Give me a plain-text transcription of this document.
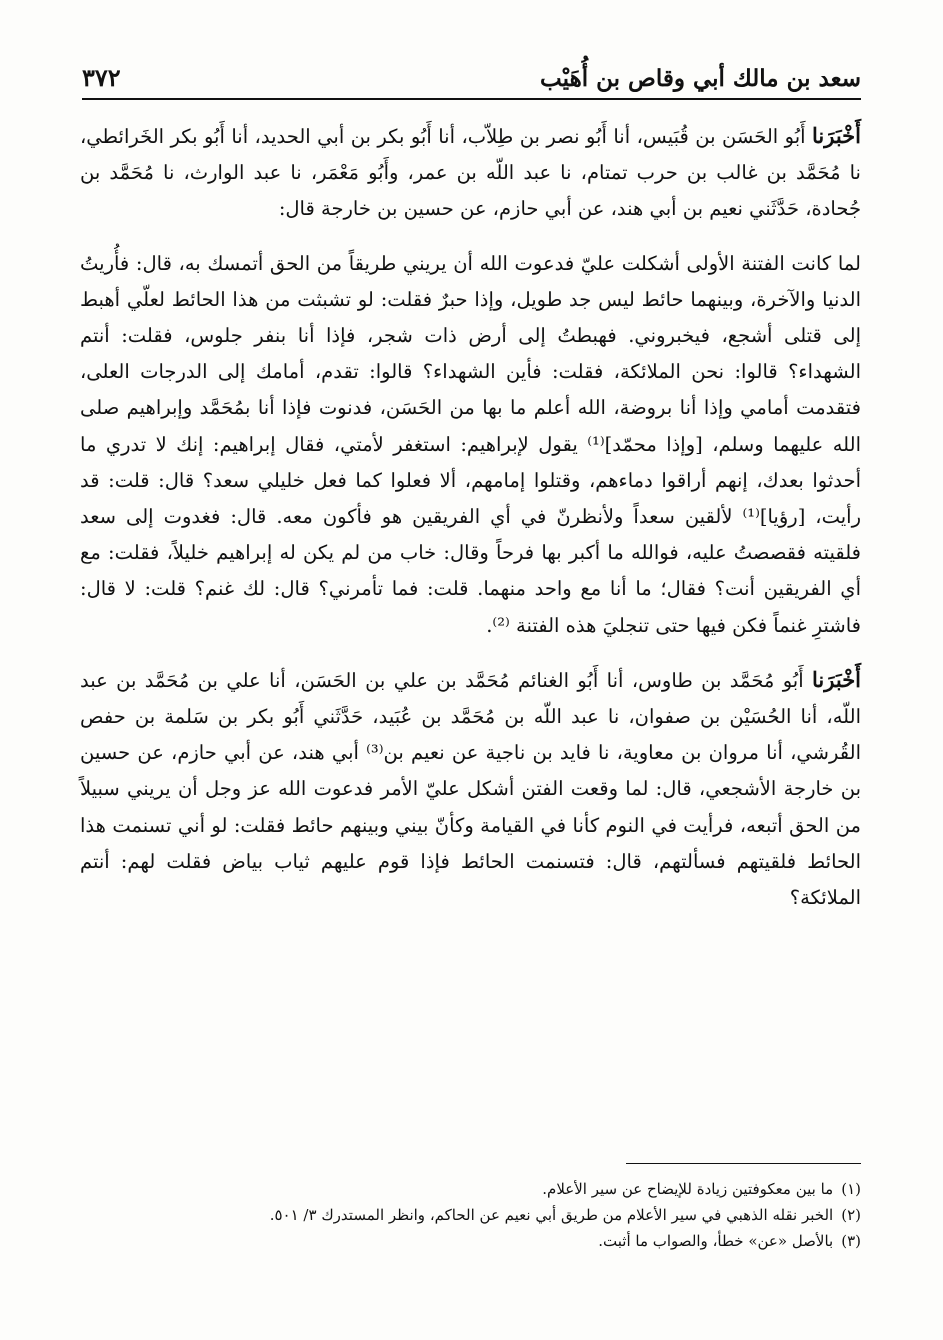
سعد بن مالك أبي وقاص بن أُهَيْب
٣٧٢

أَخْبَرَنا أَبُو الحَسَن بن قُبَيس، أنا أَبُو نصر بن طِلاّب، أنا أَبُو بكر بن أبي الحديد، أنا أَبُو بكر الخَرائطي، نا مُحَمَّد بن غالب بن حرب تمتام، نا عبد اللّه بن عمر، وأَبُو مَعْمَر، نا عبد الوارث، نا مُحَمَّد بن جُحادة، حَدَّثَني نعيم بن أبي هند، عن أبي حازم، عن حسين بن خارجة قال:

لما كانت الفتنة الأولى أشكلت عليّ فدعوت الله أن يريني طريقاً من الحق أتمسك به، قال: فأُريتُ الدنيا والآخرة، وبينهما حائط ليس جد طويل، وإذا حبرٌ فقلت: لو تشبثت من هذا الحائط لعلّي أهبط إلى قتلى أشجع، فيخبروني. فهبطتُ إلى أرض ذات شجر، فإذا أنا بنفر جلوس، فقلت: أنتم الشهداء؟ قالوا: نحن الملائكة، فقلت: فأين الشهداء؟ قالوا: تقدم، أمامك إلى الدرجات العلى، فتقدمت أمامي وإذا أنا بروضة، الله أعلم ما بها من الحَسَن، فدنوت فإذا أنا بمُحَمَّد وإبراهيم صلى الله عليهما وسلم، [وإذا محمّد]⁽¹⁾ يقول لإبراهيم: استغفر لأمتي، فقال إبراهيم: إنك لا تدري ما أحدثوا بعدك، إنهم أراقوا دماءهم، وقتلوا إمامهم، ألا فعلوا كما فعل خليلي سعد؟ قال: قلت: قد رأيت، [رؤيا]⁽¹⁾ لألقين سعداً ولأنظرنّ في أي الفريقين هو فأكون معه. قال: فغدوت إلى سعد فلقيته فقصصتُ عليه، فوالله ما أكبر بها فرحاً وقال: خاب من لم يكن له إبراهيم خليلاً، فقلت: مع أي الفريقين أنت؟ فقال؛ ما أنا مع واحد منهما. قلت: فما تأمرني؟ قال: لك غنم؟ قلت: لا قال: فاشترِ غنماً فكن فيها حتى تنجليَ هذه الفتنة ⁽²⁾.

أَخْبَرَنا أَبُو مُحَمَّد بن طاوس، أنا أَبُو الغنائم مُحَمَّد بن علي بن الحَسَن، أنا علي بن مُحَمَّد بن عبد اللّه، أنا الحُسَيْن بن صفوان، نا عبد اللّه بن مُحَمَّد بن عُبَيد، حَدَّثَني أَبُو بكر بن سَلمة بن حفص القُرشي، أنا مروان بن معاوية، نا فايد بن ناجية عن نعيم بن⁽³⁾ أبي هند، عن أبي حازم، عن حسين بن خارجة الأشجعي، قال: لما وقعت الفتن أشكل عليّ الأمر فدعوت الله عز وجل أن يريني سبيلاً من الحق أتبعه، فرأيت في النوم كأنا في القيامة وكأنّ بيني وبينهم حائط فقلت: لو أني تسنمت هذا الحائط فلقيتهم فسألتهم، قال: فتسنمت الحائط فإذا قوم عليهم ثياب بياض فقلت لهم: أنتم الملائكة؟

(١)
ما بين معكوفتين زيادة للإيضاح عن سير الأعلام.
(٢)
الخبر نقله الذهبي في سير الأعلام من طريق أبي نعيم عن الحاكم، وانظر المستدرك ٣/ ٥٠١.
(٣)
بالأصل «عن» خطأ، والصواب ما أثبت.
